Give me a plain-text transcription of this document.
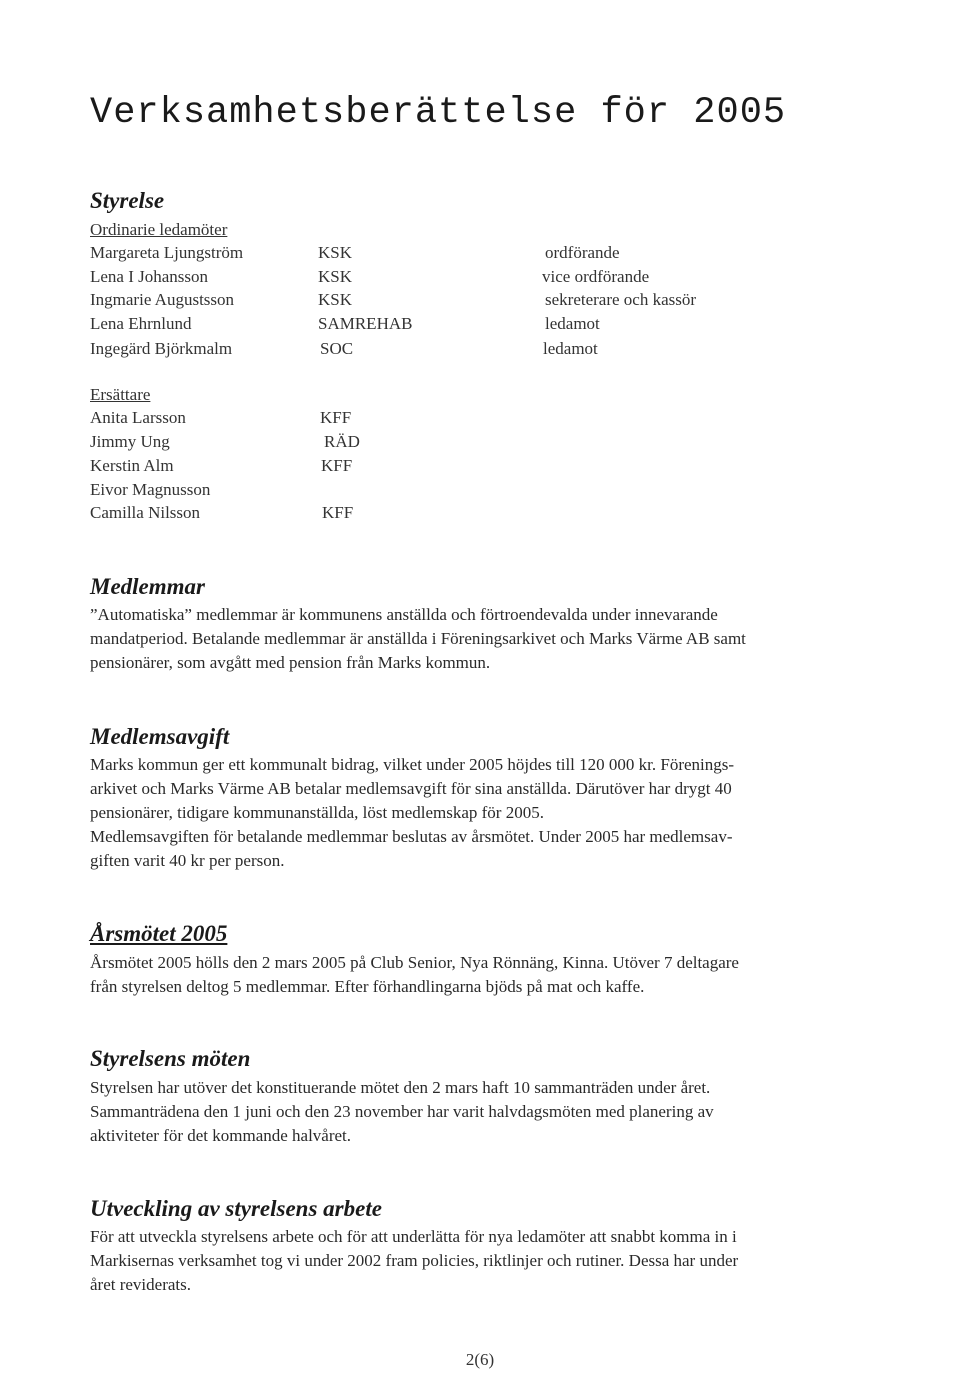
Verksamhetsberättelse för 2005
Styrelse
Ordinarie ledamöter
Margareta Ljungström	KSK	ordförande
Lena I Johansson	KSK	vice ordförande
Ingmarie Augustsson	KSK	sekreterare och kassör
Lena Ehrnlund	SAMREHAB	ledamot
Ingegärd Björkmalm	SOC	ledamot
Ersättare
Anita Larsson	KFF
Jimmy Ung	RÄD
Kerstin Alm	KFF
Eivor Magnusson
Camilla Nilsson	KFF
Medlemmar
”Automatiska” medlemmar är kommunens anställda och förtroendevalda under innevarande
mandatperiod. Betalande medlemmar är anställda i Föreningsarkivet och Marks Värme AB samt
pensionärer, som avgått med pension från Marks kommun.
Medlemsavgift
Marks kommun ger ett kommunalt bidrag, vilket under 2005 höjdes till 120 000 kr. Förenings-
arkivet och Marks Värme AB betalar medlemsavgift för sina anställda. Därutöver har drygt 40
pensionärer, tidigare kommunanställda, löst medlemskap för 2005.
Medlemsavgiften för betalande medlemmar beslutas av årsmötet. Under 2005 har medlemsav-
giften varit 40 kr per person.
Årsmötet 2005
Årsmötet 2005 hölls den 2 mars 2005 på Club Senior, Nya Rönnäng, Kinna. Utöver 7 deltagare
från styrelsen deltog 5 medlemmar. Efter förhandlingarna bjöds på mat och kaffe.
Styrelsens möten
Styrelsen har utöver det konstituerande mötet den 2 mars haft 10 sammanträden under året.
Sammanträdena den 1 juni och den 23 november har varit halvdagsmöten med planering av
aktiviteter för det kommande halvåret.
Utveckling av styrelsens arbete
För att utveckla styrelsens arbete och för att underlätta för nya ledamöter att snabbt komma in i
Markisernas verksamhet tog vi under 2002 fram policies, riktlinjer och rutiner. Dessa har under
året reviderats.
2(6)
